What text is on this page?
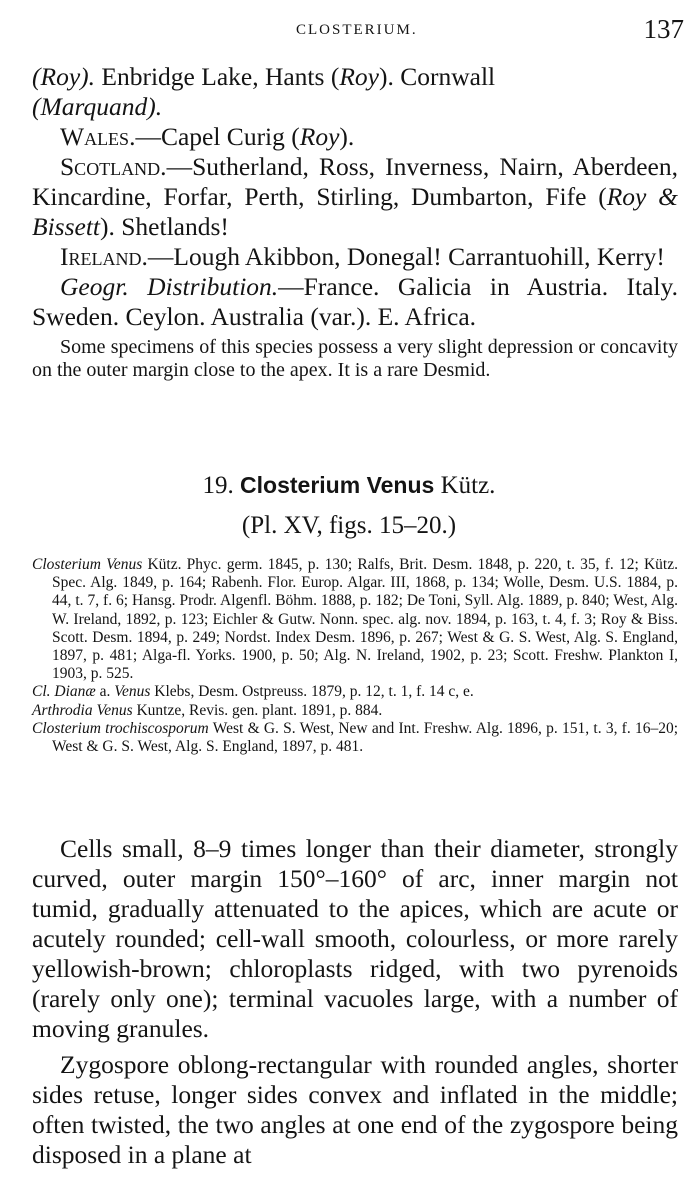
CLOSTERIUM.	137

(Roy). Enbridge Lake, Hants (Roy). Cornwall
(Marquand).

Wales.—Capel Curig (Roy).

Scotland.—Sutherland, Ross, Inverness, Nairn, Aberdeen, Kincardine, Forfar, Perth, Stirling, Dumbarton, Fife (Roy & Bissett). Shetlands!

Ireland.—Lough Akibbon, Donegal! Carrantuohill, Kerry!

Geogr. Distribution.—France. Galicia in Austria. Italy. Sweden. Ceylon. Australia (var.). E. Africa.

Some specimens of this species possess a very slight depression or concavity on the outer margin close to the apex. It is a rare Desmid.

19. Closterium Venus Kütz.
(Pl. XV, figs. 15–20.)

Closterium Venus Kütz. Phyc. germ. 1845, p. 130; Ralfs, Brit. Desm. 1848, p. 220, t. 35, f. 12; Kütz. Spec. Alg. 1849, p. 164; Rabenh. Flor. Europ. Algar. III, 1868, p. 134; Wolle, Desm. U.S. 1884, p. 44, t. 7, f. 6; Hansg. Prodr. Algenfl. Böhm. 1888, p. 182; De Toni, Syll. Alg. 1889, p. 840; West, Alg. W. Ireland, 1892, p. 123; Eichler & Gutw. Nonn. spec. alg. nov. 1894, p. 163, t. 4, f. 3; Roy & Biss. Scott. Desm. 1894, p. 249; Nordst. Index Desm. 1896, p. 267; West & G. S. West, Alg. S. England, 1897, p. 481; Alga-fl. Yorks. 1900, p. 50; Alg. N. Ireland, 1902, p. 23; Scott. Freshw. Plankton I, 1903, p. 525.

Cl. Dianæ a. Venus Klebs, Desm. Ostpreuss. 1879, p. 12, t. 1, f. 14 c, e.

Arthrodia Venus Kuntze, Revis. gen. plant. 1891, p. 884.

Closterium trochiscosporum West & G. S. West, New and Int. Freshw. Alg. 1896, p. 151, t. 3, f. 16–20; West & G. S. West, Alg. S. England, 1897, p. 481.

Cells small, 8–9 times longer than their diameter, strongly curved, outer margin 150°–160° of arc, inner margin not tumid, gradually attenuated to the apices, which are acute or acutely rounded; cell-wall smooth, colourless, or more rarely yellowish-brown; chloroplasts ridged, with two pyrenoids (rarely only one); terminal vacuoles large, with a number of moving granules.

Zygospore oblong-rectangular with rounded angles, shorter sides retuse, longer sides convex and inflated in the middle; often twisted, the two angles at one end of the zygospore being disposed in a plane at
